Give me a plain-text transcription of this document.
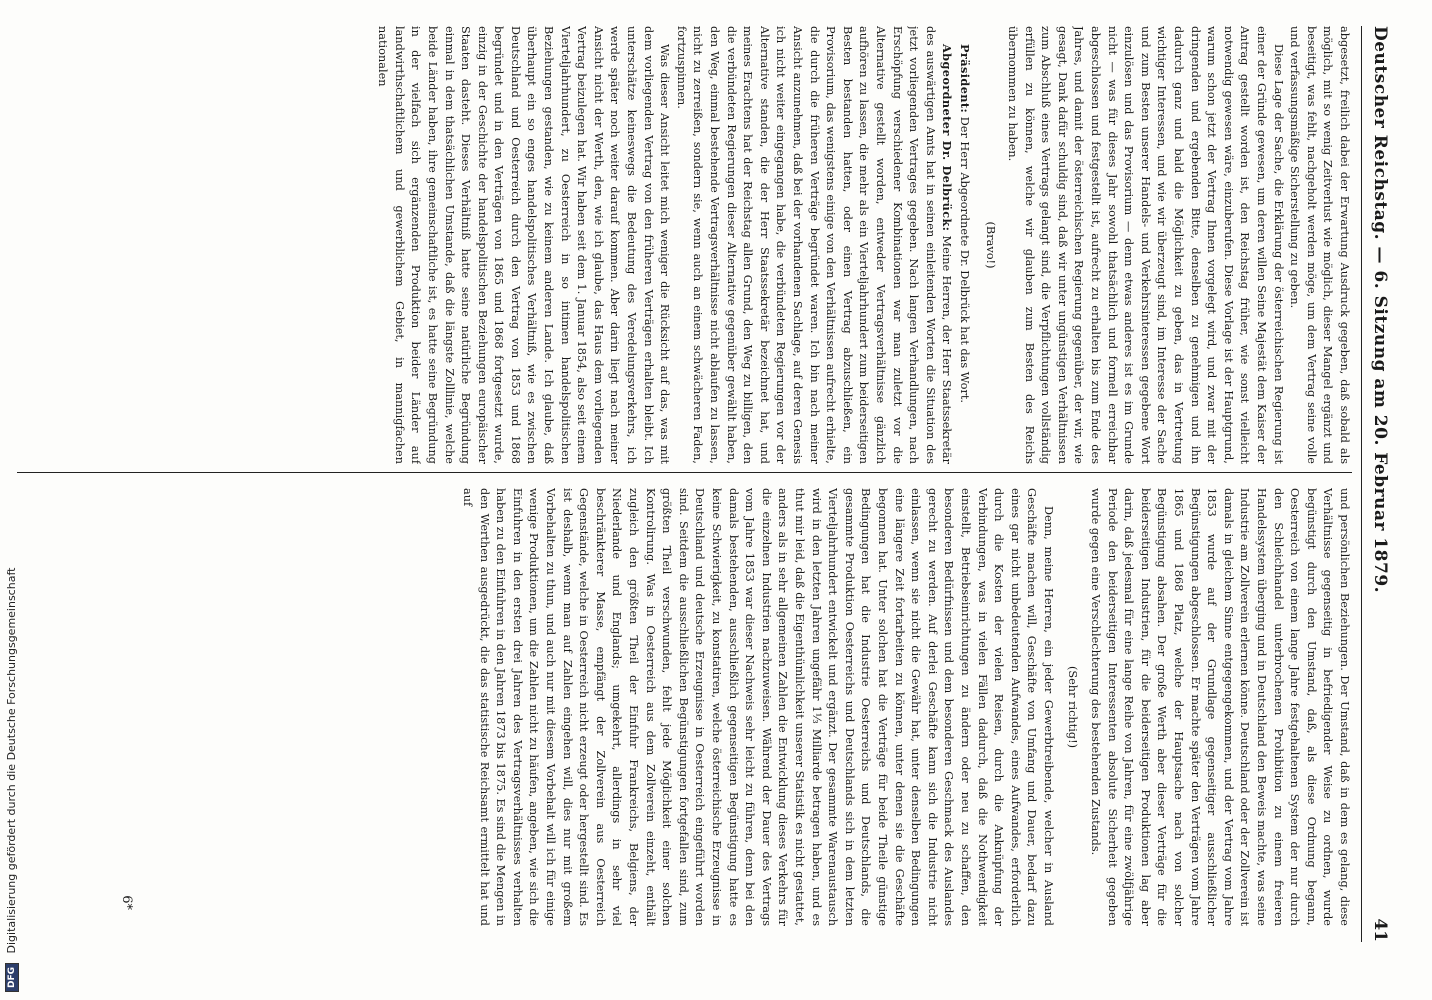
Deutscher Reichstag. — 6. Sitzung am 20. Februar 1879.
41

abgesetzt, freilich dabei der Erwartung Ausdruck gegeben, daß sobald als möglich, mit so wenig Zeitverlust wie möglich, dieser Mangel ergänzt und beseitigt, was fehlt, nachgeholt werden möge, um dem Vertrag seine volle und verfassungsmäßige Sicherstellung zu geben.

Diese Lage der Sache, die Erklärung der österreichischen Regierung ist einer der Gründe gewesen, um deren willen Seine Majestät dem Kaiser der Antrag gestellt worden ist, den Reichstag früher, wie sonst vielleicht notwendig gewesen wäre, einzuberufen. Diese Vorlage ist der Hauptgrund, warum schon jetzt der Vertrag Ihnen vorgelegt wird, und zwar mit der dringenden und ergebenden Bitte, denselben zu genehmigen und ihn dadurch ganz und bald die Möglichkeit zu geben, das in Vertretung wichtiger Interessen, und wie wir überzeugt sind, im Interesse der Sache und zum Besten unserer Handels- und Verkehrsinteressen gegebene Wort einzulösen und das Provisorium — denn etwas anderes ist es im Grunde nicht — was für dieses Jahr sowohl thatsächlich und formell erreichbar abgeschlossen und festgestellt ist, aufrecht zu erhalten bis zum Ende des Jahres, und damit der österreichischen Regierung gegenüber, der wir, wie gesagt, Dank dafür schuldig sind, daß wir unter ungünstigen Verhältnissen zum Abschluß eines Vertrags gelangt sind, die Verpflichtungen vollständig erfüllen zu können, welche wir glauben zum Besten des Reichs übernommen zu haben.

(Bravo!)

Präsident: Der Herr Abgeordnete Dr. Delbrück hat das Wort.

Abgeordneter Dr. Delbrück: Meine Herren, der Herr Staatssekretär des auswärtigen Amts hat in seinen einleitenden Worten die Situation des jetzt vorliegenden Vertrages gegeben. Nach langen Verhandlungen, nach Erschöpfung verschiedener Kombinationen war man zuletzt vor die Alternative gestellt worden, entweder Vertragsverhältnisse gänzlich aufhören zu lassen, die mehr als ein Vierteljahrhundert zum beiderseitigen Besten bestanden hatten, oder einen Vertrag abzuschließen, ein Provisorium, das wenigstens einige von den Verhältnissen aufrecht erhielte, die durch die früheren Verträge begründet waren. Ich bin nach meiner Ansicht anzunehmen, daß bei der vorhandenen Sachlage, auf deren Genesis ich nicht weiter eingegangen habe, die verbündeten Regierungen vor der Alternative standen, die der Herr Staatssekretär bezeichnet hat, und meines Erachtens hat der Reichstag allen Grund, den Weg zu billigen, den die verbündeten Regierungen dieser Alternative gegenüber gewählt haben, den Weg, einmal bestehende Vertragsverhältnisse nicht ablaufen zu lassen, nicht zu zerreißen, sondern sie, wenn auch an einem schwächeren Faden, fortzuspinnen.

Was dieser Ansicht leitet mich weniger die Rücksicht auf das, was mit dem vorliegenden Vertrag von den früheren Verträgen erhalten bleibt. Ich unterschätze keineswegs die Bedeutung des Veredelungsverkehrs, ich werde später noch weiter darauf kommen. Aber darin liegt nach meiner Ansicht nicht der Werth, den, wie ich glaube, das Haus dem vorliegenden Vertrag beizulegen hat. Wir haben seit dem 1. Januar 1854, also seit einem Vierteljahrhundert, zu Oesterreich in so intimen handelspolitischen Beziehungen gestanden, wie zu keinem anderen Lande. Ich glaube, daß überhaupt ein so enges handelspolitisches Verhältniß, wie es zwischen Deutschland und Oesterreich durch den Vertrag von 1853 und 1868 begründet und in den Verträgen von 1865 und 1868 fortgesetzt wurde, einzig in der Geschichte der handelspolitischen Beziehungen europäischer Staaten dasteht. Dieses Verhältniß hatte seine natürliche Begründung einmal in dem thatsächlichen Umstande, daß die längste Zolllinie, welche beide Länder haben, ihre gemeinschaftliche ist, es hatte seine Begründung in der vielfach sich ergänzenden Produktion beider Länder auf landwirthschaftlichem und gewerblichem Gebiet, in mannigfachen nationalen

und persönlichen Beziehungen. Der Umstand, daß in dem es gelang, diese Verhältnisse gegenseitig in befriedigender Weise zu ordnen, wurde begünstigt durch den Umstand, daß, als diese Ordnung begann, Oesterreich von einem lange Jahre festgehaltenen System der nur durch den Schleichhandel unterbrochenen Prohibition zu einem freieren Handelssystem überging und in Deutschland den Beweis machte, was seine Industrie am Zollverein erlernen könne. Deutschland oder der Zollverein ist damals in gleichem Sinne entgegengekommen, und der Vertrag vom Jahre 1853 wurde auf der Grundlage gegenseitiger ausschließlicher Begünstigungen abgeschlossen. Er machte später den Verträgen vom Jahre 1865 und 1868 Platz, welche der Hauptsache nach von solcher Begünstigung absahen. Der große Werth aber dieser Verträge für die beiderseitigen Industrien, für die beiderseitigen Produktionen lag aber darin, daß jedesmal für eine lange Reihe von Jahren, für eine zwölfjährige Periode den beiderseitigen Interessenten absolute Sicherheit gegeben wurde gegen eine Verschlechterung des bestehenden Zustands.

(Sehr richtig!)

Denn, meine Herren, ein jeder Gewerbtreibende, welcher in Ausland Geschäfte machen will, Geschäfte von Umfang und Dauer, bedarf dazu eines gar nicht unbedeutenden Aufwandes, eines Aufwandes, erforderlich durch die Kosten der vielen Reisen, durch die Anknüpfung der Verbindungen, was in vielen Fällen dadurch, daß die Nothwendigkeit einstellt, Betriebseinrichtungen zu ändern oder neu zu schaffen, den besonderen Bedürfnissen und dem besonderen Geschmack des Auslandes gerecht zu werden. Auf derlei Geschäfte kann sich die Industrie nicht einlassen, wenn sie nicht die Gewähr hat, unter denselben Bedingungen eine längere Zeit fortarbeiten zu können, unter denen sie die Geschäfte begonnen hat. Unter solchen hat die Verträge für beide Theile günstige Bedingungen hat die Industrie Oesterreichs und Deutschlands, die gesammte Produktion Oesterreichs und Deutschlands sich in dem letzten Vierteljahrhundert entwickelt und ergänzt. Der gesammte Warenaustausch wird in den letzten Jahren ungefähr 1⅓ Milliarde betragen haben, und es thut mir leid, daß die Eigenthümlichkeit unserer Statistik es nicht gestattet, anders als in sehr allgemeinen Zahlen die Entwicklung dieses Verkehrs für die einzelnen Industrien nachzuweisen. Während der Dauer des Vertrags vom Jahre 1853 war dieser Nachweis sehr leicht zu führen, denn bei den damals bestehenden, ausschließlich gegenseitigen Begünstigung hatte es keine Schwierigkeit, zu konstatiren, welche österreichische Erzeugnisse in Deutschland und deutsche Erzeugnisse in Oesterreich eingeführt worden sind. Seitdem die ausschließlichen Begünstigungen fortgefallen sind, zum größten Theil verschwunden, fehlt jede Möglichkeit einer solchen Kontrolirung. Was in Oesterreich aus dem Zollverein einzeht, enthält zugleich den größten Theil der Einfuhr Frankreichs, Belgiens, der Niederlande und Englands; umgekehrt, allerdings in sehr viel beschränkterer Masse, empfängt der Zollverein aus Oesterreich Gegenstände, welche in Oesterreich nicht erzeugt oder hergestellt sind. Es ist deshalb, wenn man auf Zahlen eingehen will, dies nur mit großem Vorbehalten zu thun, und auch nur mit diesem Vorbehalt will ich für einige wenige Produktionen, um die Zahlen nicht zu häufen, angeben, wie sich die Einfuhren in den ersten drei Jahren des Vertragsverhältnisses verhalten haben zu den Einfuhren in den Jahren 1873 bis 1875. Es sind die Mengen in den Werthen ausgedrückt, die das statistische Reichsamt ermittelt hat und auf

6*
DFG Digitalisierung gefördert durch die Deutsche Forschungsgemeinschaft
